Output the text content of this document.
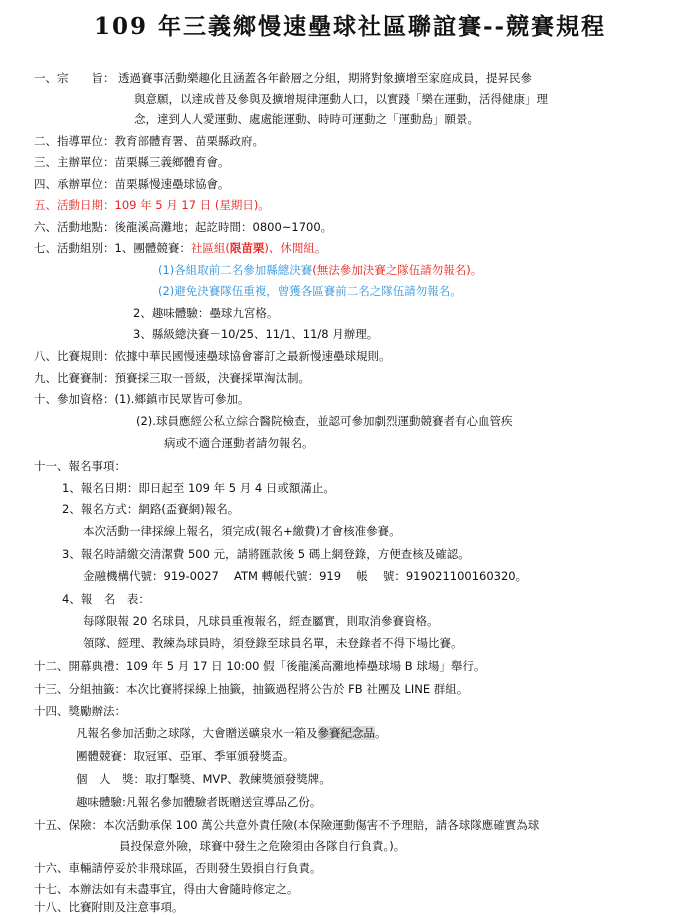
109 年三義鄉慢速壘球社區聯誼賽--競賽規程
一、宗　　旨： 透過賽事活動樂趣化且涵蓋各年齡層之分組，期將對象擴增至家庭成員，提昇民參
與意願，以達成普及參與及擴增規律運動人口，以實踐「樂在運動，活得健康」理
念，達到人人愛運動、處處能運動、時時可運動之「運動島」願景。
二、指導單位：教育部體育署、苗栗縣政府。
三、主辦單位：苗栗縣三義鄉體育會。
四、承辦單位：苗栗縣慢速壘球協會。
五、活動日期：109 年 5 月 17 日 (星期日)。
六、活動地點：後龍溪高灘地；起訖時間：0800~1700。
七、活動組別：1、團體競賽：社區組(限苗栗)、休閒組。
(1)各組取前二名參加縣總決賽(無法參加決賽之隊伍請勿報名)。
(2)避免決賽隊伍重複，曾獲各區賽前二名之隊伍請勿報名。
2、趣味體驗：壘球九宮格。
3、縣級總決賽－10/25、11/1、11/8 月辦理。
八、比賽規則：依據中華民國慢速壘球協會審訂之最新慢速壘球規則。
九、比賽賽制：預賽採三取一晉級，決賽採單淘汰制。
十、參加資格：(1).鄉鎮市民眾皆可參加。
(2).球員應經公私立綜合醫院檢查，並認可參加劇烈運動競賽者有心血管疾
病或不適合運動者請勿報名。
十一、報名事項：
1、報名日期：即日起至 109 年 5 月 4 日或額滿止。
2、報名方式：網路(盃賽網)報名。
本次活動一律採線上報名，須完成(報名+繳費)才會核准參賽。
3、報名時請繳交清潔費 500 元，請將匯款後 5 碼上網登錄，方便查核及確認。
金融機構代號：919-0027　 ATM 轉帳代號：919　 帳　 號：919021100160320。
4、報　名　表：
每隊限報 20 名球員，凡球員重複報名，經查屬實，則取消參賽資格。
領隊、經理、教練為球員時，須登錄至球員名單，未登錄者不得下場比賽。
十二、開幕典禮：109 年 5 月 17 日 10:00 假「後龍溪高灘地棒壘球場 B 球場」舉行。
十三、分組抽籤：本次比賽將採線上抽籤，抽籤過程將公告於 FB 社團及 LINE 群組。
十四、獎勵辦法：
凡報名參加活動之球隊，大會贈送礦泉水一箱及參賽紀念品。
團體競賽：取冠軍、亞軍、季軍頒發獎盃。
個　人　獎：取打擊獎、MVP、教練獎頒發獎牌。
趣味體驗:凡報名參加體驗者既贈送宣導品乙份。
十五、保險：本次活動承保 100 萬公共意外責任險(本保險運動傷害不予理賠，請各球隊應確實為球
員投保意外險，球賽中發生之危險須由各隊自行負責。)。
十六、車輛請停妥於非飛球區，否則發生毀損自行負責。
十七、本辦法如有未盡事宜，得由大會隨時修定之。
十八、比賽附則及注意事項。
